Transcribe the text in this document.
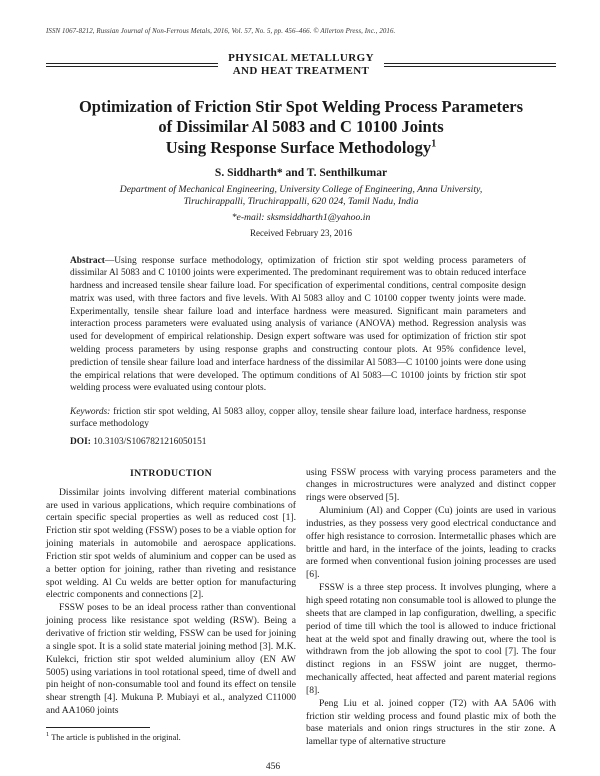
ISSN 1067-8212, Russian Journal of Non-Ferrous Metals, 2016, Vol. 57, No. 5, pp. 456–466. © Allerton Press, Inc., 2016.
PHYSICAL METALLURGY
AND HEAT TREATMENT
Optimization of Friction Stir Spot Welding Process Parameters
of Dissimilar Al 5083 and C 10100 Joints
Using Response Surface Methodology$^1$
S. Siddharth* and T. Senthilkumar
Department of Mechanical Engineering, University College of Engineering, Anna University,
Tiruchirappalli, Tiruchirappalli, 620 024, Tamil Nadu, India
*e-mail: sksmsiddharth1@yahoo.in
Received February 23, 2016
Abstract—Using response surface methodology, optimization of friction stir spot welding process parameters of dissimilar Al 5083 and C 10100 joints were experimented. The predominant requirement was to obtain reduced interface hardness and increased tensile shear failure load. For specification of experimental conditions, central composite design matrix was used, with three factors and five levels. With Al 5083 alloy and C 10100 copper twenty joints were made. Experimentally, tensile shear failure load and interface hardness were measured. Significant main parameters and interaction process parameters were evaluated using analysis of variance (ANOVA) method. Regression analysis was used for development of empirical relationship. Design expert software was used for optimization of friction stir spot welding process parameters by using response graphs and constructing contour plots. At 95% confidence level, prediction of tensile shear failure load and interface hardness of the dissimilar Al 5083—C 10100 joints were done using the empirical relations that were developed. The optimum conditions of Al 5083—C 10100 joints by friction stir spot welding process were evaluated using contour plots.
Keywords: friction stir spot welding, Al 5083 alloy, copper alloy, tensile shear failure load, interface hardness, response surface methodology
DOI: 10.3103/S1067821216050151
INTRODUCTION

Dissimilar joints involving different material combinations are used in various applications, which require combinations of certain specific special properties as well as reduced cost [1]. Friction stir spot welding (FSSW) poses to be a viable option for joining materials in automobile and aerospace applications. Friction stir spot welds of aluminium and copper can be used as a better option for joining, rather than riveting and resistance spot welding. Al Cu welds are better option for manufacturing electric components and connections [2].

FSSW poses to be an ideal process rather than conventional joining process like resistance spot welding (RSW). Being a derivative of friction stir welding, FSSW can be used for joining a single spot. It is a solid state material joining method [3]. M.K. Kulekci, friction stir spot welded aluminium alloy (EN AW 5005) using variations in tool rotational speed, time of dwell and pin height of non-consumable tool and found its effect on tensile shear strength [4]. Mukuna P. Mubiayi et al., analyzed C11000 and AA1060 joints

$^1$ The article is published in the original.

using FSSW process with varying process parameters and the changes in microstructures were analyzed and distinct copper rings were observed [5].

Aluminium (Al) and Copper (Cu) joints are used in various industries, as they possess very good electrical conductance and offer high resistance to corrosion. Intermetallic phases which are brittle and hard, in the interface of the joints, leading to cracks are formed when conventional fusion joining processes are used [6].

FSSW is a three step process. It involves plunging, where a high speed rotating non consumable tool is allowed to plunge the sheets that are clamped in lap configuration, dwelling, a specific period of time till which the tool is allowed to induce frictional heat at the weld spot and finally drawing out, where the tool is withdrawn from the job allowing the spot to cool [7]. The four distinct regions in an FSSW joint are nugget, thermo-mechanically affected, heat affected and parent material regions [8].

Peng Liu et al. joined copper (T2) with AA 5A06 with friction stir welding process and found plastic mix of both the base materials and onion rings structures in the stir zone. A lamellar type of alternative structure

456
